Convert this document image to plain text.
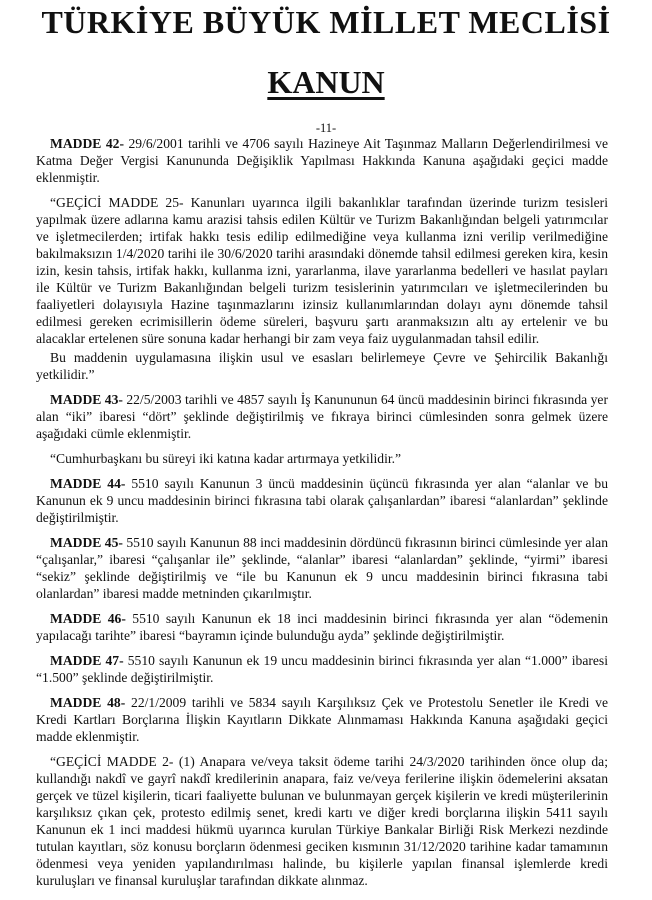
TÜRKİYE BÜYÜK MİLLET MECLİSİ
KANUN
-11-

MADDE 42- 29/6/2001 tarihli ve 4706 sayılı Hazineye Ait Taşınmaz Malların Değerlendirilmesi ve Katma Değer Vergisi Kanununda Değişiklik Yapılması Hakkında Kanuna aşağıdaki geçici madde eklenmiştir.

“GEÇİCİ MADDE 25- Kanunları uyarınca ilgili bakanlıklar tarafından üzerinde turizm tesisleri yapılmak üzere adlarına kamu arazisi tahsis edilen Kültür ve Turizm Bakanlığından belgeli yatırımcılar ve işletmecilerden; irtifak hakkı tesis edilip edilmediğine veya kullanma izni verilip verilmediğine bakılmaksızın 1/4/2020 tarihi ile 30/6/2020 tarihi arasındaki dönemde tahsil edilmesi gereken kira, kesin izin, kesin tahsis, irtifak hakkı, kullanma izni, yararlanma, ilave yararlanma bedelleri ve hasılat payları ile Kültür ve Turizm Bakanlığından belgeli turizm tesislerinin yatırımcıları ve işletmecilerinden bu faaliyetleri dolayısıyla Hazine taşınmazlarını izinsiz kullanımlarından dolayı aynı dönemde tahsil edilmesi gereken ecrimisillerin ödeme süreleri, başvuru şartı aranmaksızın altı ay ertelenir ve bu alacaklar ertelenen süre sonuna kadar herhangi bir zam veya faiz uygulanmadan tahsil edilir.

Bu maddenin uygulamasına ilişkin usul ve esasları belirlemeye Çevre ve Şehircilik Bakanlığı yetkilidir.”

MADDE 43- 22/5/2003 tarihli ve 4857 sayılı İş Kanununun 64 üncü maddesinin birinci fıkrasında yer alan “iki” ibaresi “dört” şeklinde değiştirilmiş ve fıkraya birinci cümlesinden sonra gelmek üzere aşağıdaki cümle eklenmiştir.

“Cumhurbaşkanı bu süreyi iki katına kadar artırmaya yetkilidir.”

MADDE 44- 5510 sayılı Kanunun 3 üncü maddesinin üçüncü fıkrasında yer alan “alanlar ve bu Kanunun ek 9 uncu maddesinin birinci fıkrasına tabi olarak çalışanlardan” ibaresi “alanlardan” şeklinde değiştirilmiştir.

MADDE 45- 5510 sayılı Kanunun 88 inci maddesinin dördüncü fıkrasının birinci cümlesinde yer alan “çalışanlar,” ibaresi “çalışanlar ile” şeklinde, “alanlar” ibaresi “alanlardan” şeklinde, “yirmi” ibaresi “sekiz” şeklinde değiştirilmiş ve “ile bu Kanunun ek 9 uncu maddesinin birinci fıkrasına tabi olanlardan” ibaresi madde metninden çıkarılmıştır.

MADDE 46- 5510 sayılı Kanunun ek 18 inci maddesinin birinci fıkrasında yer alan “ödemenin yapılacağı tarihte” ibaresi “bayramın içinde bulunduğu ayda” şeklinde değiştirilmiştir.

MADDE 47- 5510 sayılı Kanunun ek 19 uncu maddesinin birinci fıkrasında yer alan “1.000” ibaresi “1.500” şeklinde değiştirilmiştir.

MADDE 48- 22/1/2009 tarihli ve 5834 sayılı Karşılıksız Çek ve Protestolu Senetler ile Kredi ve Kredi Kartları Borçlarına İlişkin Kayıtların Dikkate Alınmaması Hakkında Kanuna aşağıdaki geçici madde eklenmiştir.

“GEÇİCİ MADDE 2- (1) Anapara ve/veya taksit ödeme tarihi 24/3/2020 tarihinden önce olup da; kullandığı nakdî ve gayrî nakdî kredilerinin anapara, faiz ve/veya ferilerine ilişkin ödemelerini aksatan gerçek ve tüzel kişilerin, ticari faaliyette bulunan ve bulunmayan gerçek kişilerin ve kredi müşterilerinin karşılıksız çıkan çek, protesto edilmiş senet, kredi kartı ve diğer kredi borçlarına ilişkin 5411 sayılı Kanunun ek 1 inci maddesi hükmü uyarınca kurulan Türkiye Bankalar Birliği Risk Merkezi nezdinde tutulan kayıtları, söz konusu borçların ödenmesi geciken kısmının 31/12/2020 tarihine kadar tamamının ödenmesi veya yeniden yapılandırılması halinde, bu kişilerle yapılan finansal işlemlerde kredi kuruluşları ve finansal kuruluşlar tarafından dikkate alınmaz.
